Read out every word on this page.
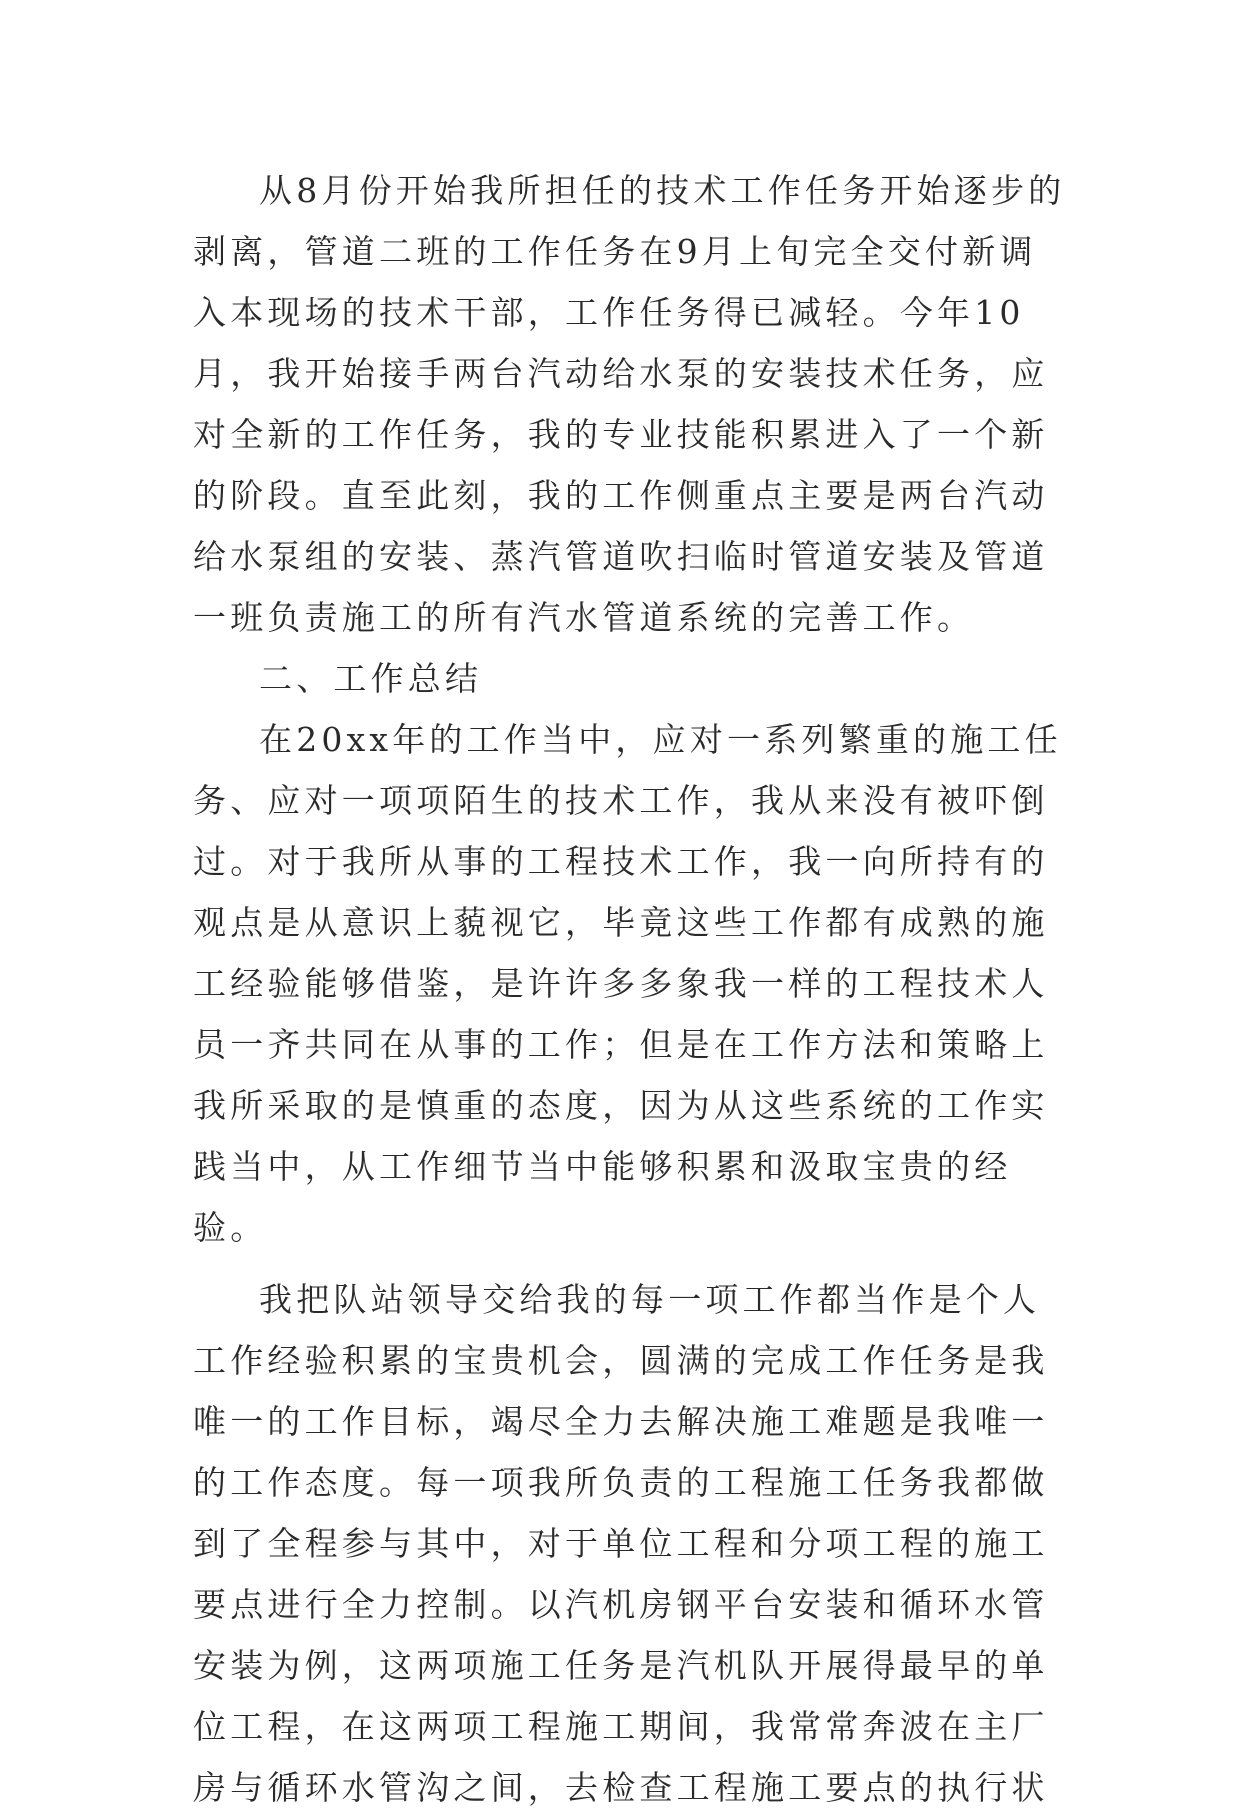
从8月份开始我所担任的技术工作任务开始逐步的剥离，管道二班的工作任务在9月上旬完全交付新调入本现场的技术干部，工作任务得已减轻。今年10月，我开始接手两台汽动给水泵的安装技术任务，应对全新的工作任务，我的专业技能积累进入了一个新的阶段。直至此刻，我的工作侧重点主要是两台汽动给水泵组的安装、蒸汽管道吹扫临时管道安装及管道一班负责施工的所有汽水管道系统的完善工作。

二、工作总结

在20xx年的工作当中，应对一系列繁重的施工任务、应对一项项陌生的技术工作，我从来没有被吓倒过。对于我所从事的工程技术工作，我一向所持有的观点是从意识上藐视它，毕竟这些工作都有成熟的施工经验能够借鉴，是许许多多象我一样的工程技术人员一齐共同在从事的工作；但是在工作方法和策略上我所采取的是慎重的态度，因为从这些系统的工作实践当中，从工作细节当中能够积累和汲取宝贵的经验。

我把队站领导交给我的每一项工作都当作是个人工作经验积累的宝贵机会，圆满的完成工作任务是我唯一的工作目标，竭尽全力去解决施工难题是我唯一的工作态度。每一项我所负责的工程施工任务我都做到了全程参与其中，对于单位工程和分项工程的施工要点进行全力控制。以汽机房钢平台安装和循环水管安装为例，这两项施工任务是汽机队开展得最早的单位工程，在这两项工程施工期间，我常常奔波在主厂房与循环水管沟之间，去检查工程施工要点的执行状
